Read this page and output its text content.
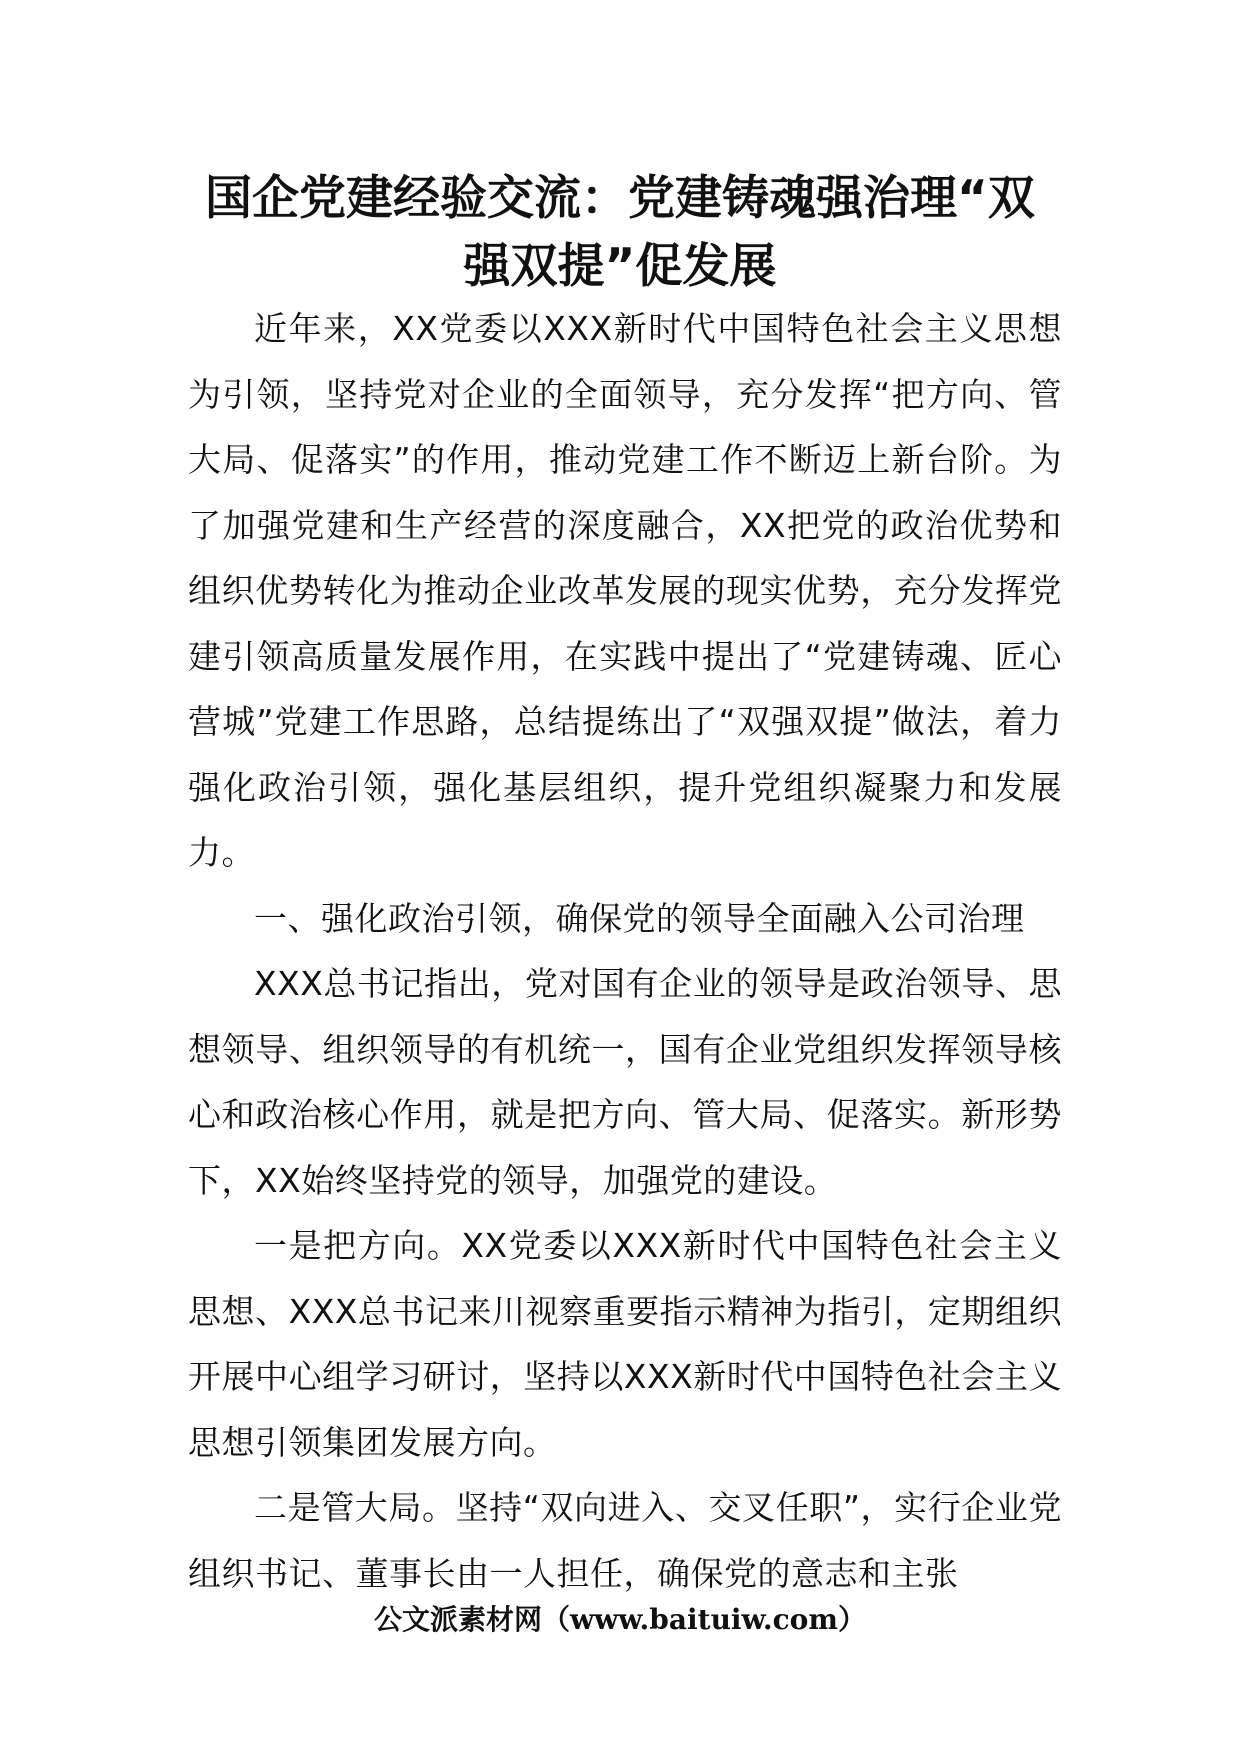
国企党建经验交流：党建铸魂强治理“双
强双提”促发展

近年来，XX党委以XXX新时代中国特色社会主义思想为引领，坚持党对企业的全面领导，充分发挥“把方向、管大局、促落实”的作用，推动党建工作不断迈上新台阶。为了加强党建和生产经营的深度融合，XX把党的政治优势和组织优势转化为推动企业改革发展的现实优势，充分发挥党建引领高质量发展作用，在实践中提出了“党建铸魂、匠心营城”党建工作思路，总结提练出了“双强双提”做法，着力强化政治引领，强化基层组织，提升党组织凝聚力和发展力。

一、强化政治引领，确保党的领导全面融入公司治理

XXX总书记指出，党对国有企业的领导是政治领导、思想领导、组织领导的有机统一，国有企业党组织发挥领导核心和政治核心作用，就是把方向、管大局、促落实。新形势下，XX始终坚持党的领导，加强党的建设。

一是把方向。XX党委以XXX新时代中国特色社会主义思想、XXX总书记来川视察重要指示精神为指引，定期组织开展中心组学习研讨，坚持以XXX新时代中国特色社会主义思想引领集团发展方向。

二是管大局。坚持“双向进入、交叉任职”，实行企业党组织书记、董事长由一人担任，确保党的意志和主张

公文派素材网（www.baituiw.com）
